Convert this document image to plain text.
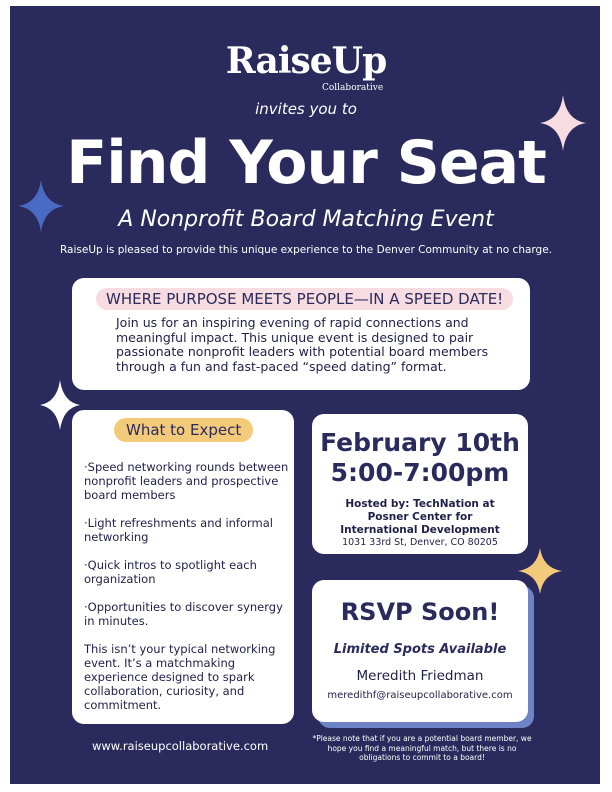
RaiseUp
Collaborative
invites you to
Find Your Seat
A Nonprofit Board Matching Event
RaiseUp is pleased to provide this unique experience to the Denver Community at no charge.
WHERE PURPOSE MEETS PEOPLE—IN A SPEED DATE!
Join us for an inspiring evening of rapid connections and meaningful impact. This unique event is designed to pair passionate nonprofit leaders with potential board members through a fun and fast-paced “speed dating” format.
What to Expect
·Speed networking rounds between nonprofit leaders and prospective board members
·Light refreshments and informal networking
·Quick intros to spotlight each organization
·Opportunities to discover synergy in minutes.
This isn’t your typical networking event. It’s a matchmaking experience designed to spark collaboration, curiosity, and commitment.
February 10th
5:00-7:00pm
Hosted by: TechNation at
Posner Center for
International Development
1031 33rd St, Denver, CO 80205
RSVP Soon!
Limited Spots Available
Meredith Friedman
meredithf@raiseupcollaborative.com
www.raiseupcollaborative.com
*Please note that if you are a potential board member, we hope you find a meaningful match, but there is no obligations to commit to a board!
